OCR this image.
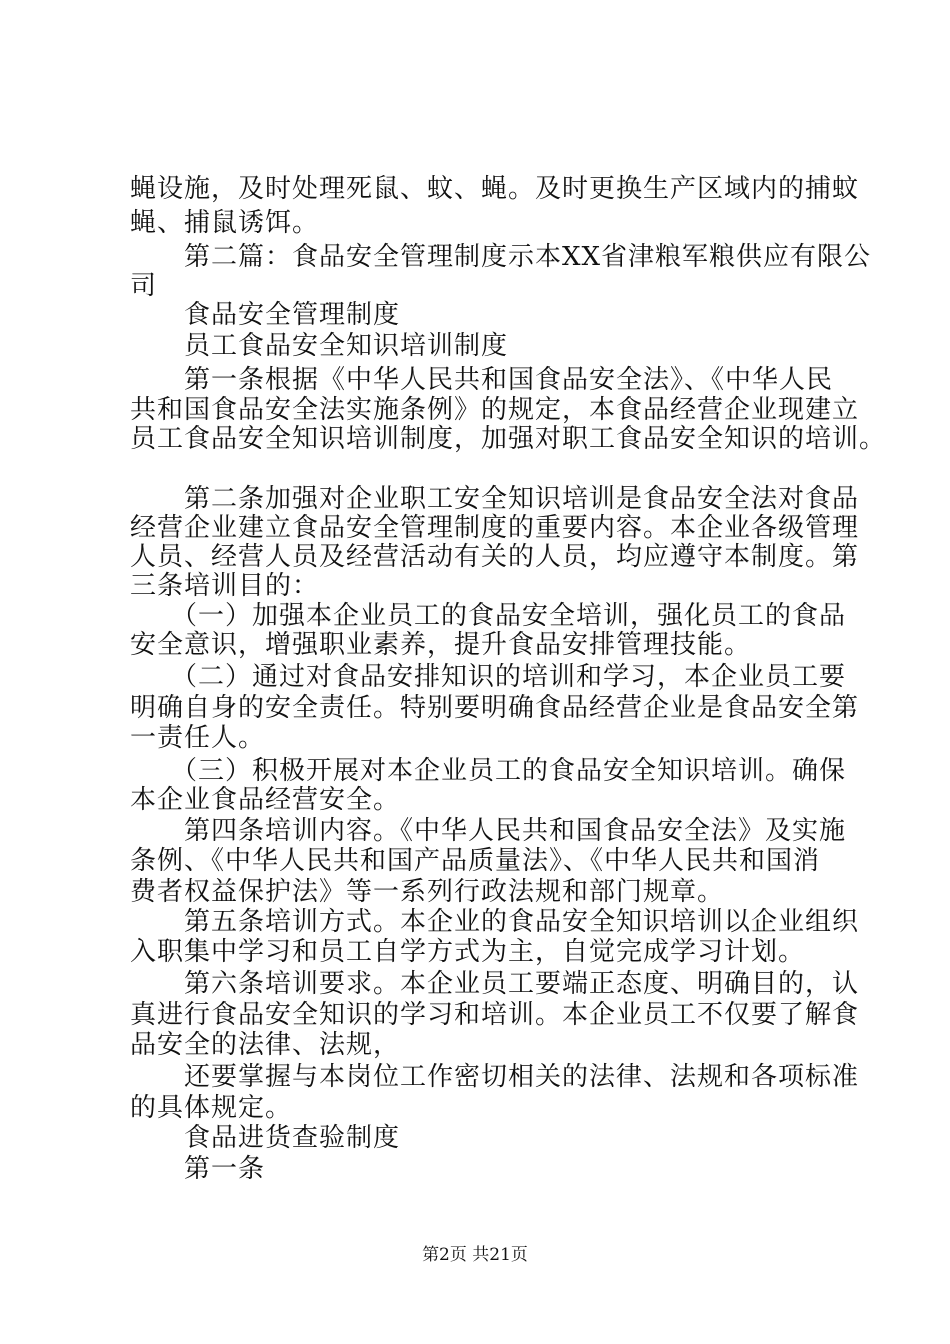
蝇设施，及时处理死鼠、蚊、蝇。及时更换生产区域内的捕蚊
蝇、捕鼠诱饵。
　　第二篇：食品安全管理制度示本XX省津粮军粮供应有限公
司
　　食品安全管理制度
　　员工食品安全知识培训制度
　　第一条根据《中华人民共和国食品安全法》、《中华人民
共和国食品安全法实施条例》的规定，本食品经营企业现建立
员工食品安全知识培训制度，加强对职工食品安全知识的培训。
　　第二条加强对企业职工安全知识培训是食品安全法对食品
经营企业建立食品安全管理制度的重要内容。本企业各级管理
人员、经营人员及经营活动有关的人员，均应遵守本制度。第
三条培训目的：
　　（一）加强本企业员工的食品安全培训，强化员工的食品
安全意识，增强职业素养，提升食品安排管理技能。
　　（二）通过对食品安排知识的培训和学习，本企业员工要
明确自身的安全责任。特别要明确食品经营企业是食品安全第
一责任人。
　　（三）积极开展对本企业员工的食品安全知识培训。确保
本企业食品经营安全。
　　第四条培训内容。《中华人民共和国食品安全法》及实施
条例、《中华人民共和国产品质量法》、《中华人民共和国消
费者权益保护法》等一系列行政法规和部门规章。
　　第五条培训方式。本企业的食品安全知识培训以企业组织
入职集中学习和员工自学方式为主，自觉完成学习计划。
　　第六条培训要求。本企业员工要端正态度、明确目的，认
真进行食品安全知识的学习和培训。本企业员工不仅要了解食
品安全的法律、法规，
　　还要掌握与本岗位工作密切相关的法律、法规和各项标准
的具体规定。
　　食品进货查验制度
　　第一条
第2页 共21页
